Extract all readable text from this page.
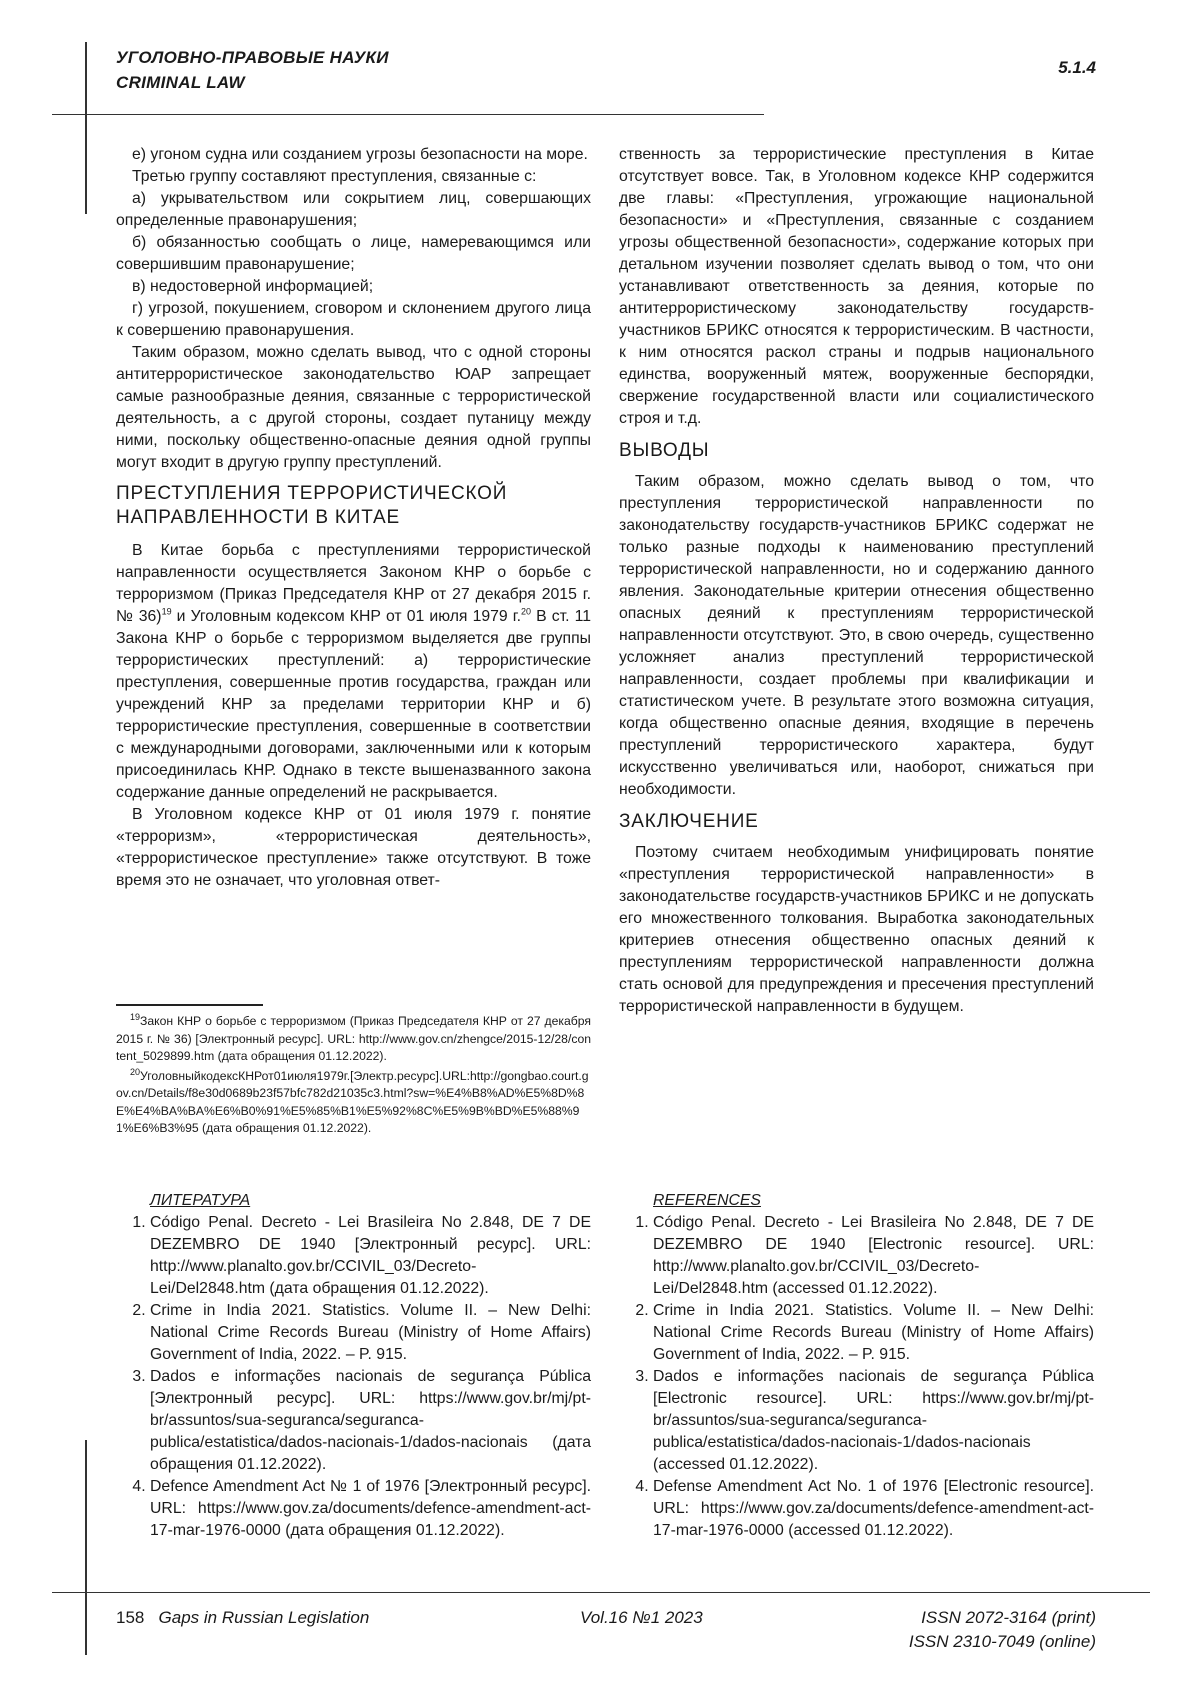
УГОЛОВНО-ПРАВОВЫЕ НАУКИ
CRIMINAL LAW
5.1.4

е) угоном судна или созданием угрозы безопасности на море.

Третью группу составляют преступления, связанные с:

а) укрывательством или сокрытием лиц, совершающих определенные правонарушения;

б) обязанностью сообщать о лице, намеревающимся или совершившим правонарушение;

в) недостоверной информацией;

г) угрозой, покушением, сговором и склонением другого лица к совершению правонарушения.

Таким образом, можно сделать вывод, что с одной стороны антитеррористическое законодательство ЮАР запрещает самые разнообразные деяния, связанные с террористической деятельность, а с другой стороны, создает путаницу между ними, поскольку общественно-опасные деяния одной группы могут входит в другую группу преступлений.

ПРЕСТУПЛЕНИЯ ТЕРРОРИСТИЧЕСКОЙ
НАПРАВЛЕННОСТИ В КИТАЕ

В Китае борьба с преступлениями террористической направленности осуществляется Законом КНР о борьбе с терроризмом (Приказ Председателя КНР от 27 декабря 2015 г. № 36)$^{19}$ и Уголовным кодексом КНР от 01 июля 1979 г.$^{20}$ В ст. 11 Закона КНР о борьбе с терроризмом выделяется две группы террористических преступлений: а) террористические преступления, совершенные против государства, граждан или учреждений КНР за пределами территории КНР и б) террористические преступления, совершенные в соответствии с международными договорами, заключенными или к которым присоединилась КНР. Однако в тексте вышеназванного закона содержание данные определений не раскрывается.

В Уголовном кодексе КНР от 01 июля 1979 г. понятие «терроризм», «террористическая деятельность», «террористическое преступление» также отсутствуют. В тоже время это не означает, что уголовная ответ-

$^{19}$Закон КНР о борьбе с терроризмом (Приказ Председателя КНР от 27 декабря 2015 г. № 36) [Электронный ресурс]. URL: http://www.gov.cn/zhengce/2015-12/28/content_5029899.htm (дата обращения 01.12.2022).

$^{20}$УголовныйкодексКНРот01июля1979г.[Электр.ресурс].URL:http://gongbao.court.gov.cn/Details/f8e30d0689b23f57bfc782d21035c3.html?sw=%E4%B8%AD%E5%8D%8E%E4%BA%BA%E6%B0%91%E5%85%B1%E5%92%8C%E5%9B%BD%E5%88%91%E6%B3%95 (дата обращения 01.12.2022).

ственность за террористические преступления в Китае отсутствует вовсе. Так, в Уголовном кодексе КНР содержится две главы: «Преступления, угрожающие национальной безопасности» и «Преступления, связанные с созданием угрозы общественной безопасности», содержание которых при детальном изучении позволяет сделать вывод о том, что они устанавливают ответственность за деяния, которые по антитеррористическому законодательству государств-участников БРИКС относятся к террористическим. В частности, к ним относятся раскол страны и подрыв национального единства, вооруженный мятеж, вооруженные беспорядки, свержение государственной власти или социалистического строя и т.д.

ВЫВОДЫ

Таким образом, можно сделать вывод о том, что преступления террористической направленности по законодательству государств-участников БРИКС содержат не только разные подходы к наименованию преступлений террористической направленности, но и содержанию данного явления. Законодательные критерии отнесения общественно опасных деяний к преступлениям террористической направленности отсутствуют. Это, в свою очередь, существенно усложняет анализ преступлений террористической направленности, создает проблемы при квалификации и статистическом учете. В результате этого возможна ситуация, когда общественно опасные деяния, входящие в перечень преступлений террористического характера, будут искусственно увеличиваться или, наоборот, снижаться при необходимости.

ЗАКЛЮЧЕНИЕ

Поэтому считаем необходимым унифицировать понятие «преступления террористической направленности» в законодательстве государств-участников БРИКС и не допускать его множественного толкования. Выработка законодательных критериев отнесения общественно опасных деяний к преступлениям террористической направленности должна стать основой для предупреждения и пресечения преступлений террористической направленности в будущем.

ЛИТЕРАТУРА
1. Código Penal. Decreto - Lei Brasileira No 2.848, DE 7 DE DEZEMBRO DE 1940 [Электронный ресурс]. URL: http://www.planalto.gov.br/CCIVIL_03/Decreto-Lei/Del2848.htm (дата обращения 01.12.2022).
2. Crime in India 2021. Statistics. Volume II. – New Delhi: National Crime Records Bureau (Ministry of Home Affairs) Government of India, 2022. – P. 915.
3. Dados e informações nacionais de segurança Pública [Электронный ресурс]. URL: https://www.gov.br/mj/pt-br/assuntos/sua-seguranca/seguranca-publica/estatistica/dados-nacionais-1/dados-nacionais (дата обращения 01.12.2022).
4. Defence Amendment Act № 1 of 1976 [Электронный ресурс]. URL: https://www.gov.za/documents/defence-amendment-act-17-mar-1976-0000 (дата обращения 01.12.2022).
REFERENCES
1. Código Penal. Decreto - Lei Brasileira No 2.848, DE 7 DE DEZEMBRO DE 1940 [Electronic resource]. URL: http://www.planalto.gov.br/CCIVIL_03/Decreto-Lei/Del2848.htm (accessed 01.12.2022).
2. Crime in India 2021. Statistics. Volume II. – New Delhi: National Crime Records Bureau (Ministry of Home Affairs) Government of India, 2022. – P. 915.
3. Dados e informações nacionais de segurança Pública [Electronic resource]. URL: https://www.gov.br/mj/pt-br/assuntos/sua-seguranca/seguranca-publica/estatistica/dados-nacionais-1/dados-nacionais (accessed 01.12.2022).
4. Defense Amendment Act No. 1 of 1976 [Electronic resource]. URL: https://www.gov.za/documents/defence-amendment-act-17-mar-1976-0000 (accessed 01.12.2022).
158 Gaps in Russian Legislation	Vol.16 №1 2023	ISSN 2072-3164 (print)
ISSN 2310-7049 (online)
